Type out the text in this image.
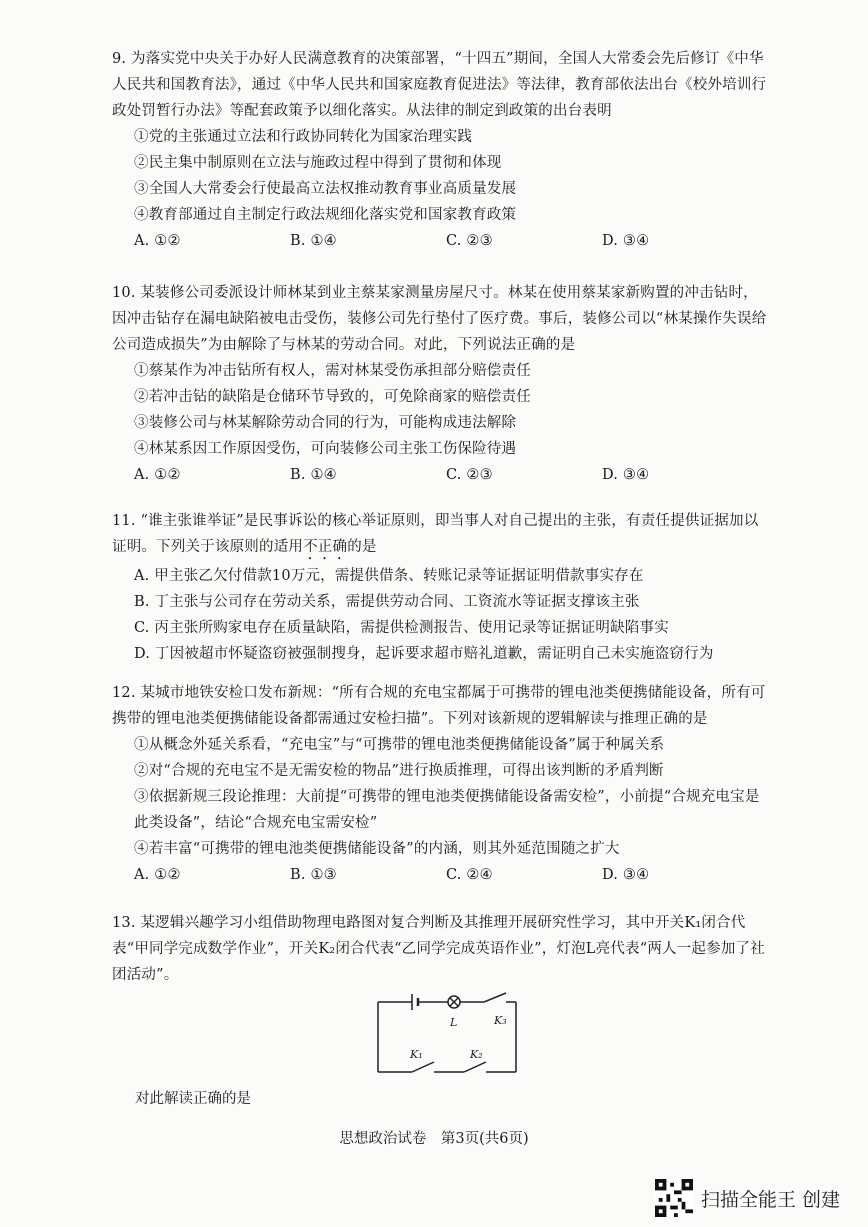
9. 为落实党中央关于办好人民满意教育的决策部署，“十四五”期间，全国人大常委会先后修订《中华人民共和国教育法》，通过《中华人民共和国家庭教育促进法》等法律，教育部依法出台《校外培训行政处罚暂行办法》等配套政策予以细化落实。从法律的制定到政策的出台表明

①党的主张通过立法和行政协同转化为国家治理实践

②民主集中制原则在立法与施政过程中得到了贯彻和体现

③全国人大常委会行使最高立法权推动教育事业高质量发展

④教育部通过自主制定行政法规细化落实党和国家教育政策

A. ①②	B. ①④	C. ②③	D. ③④

10. 某装修公司委派设计师林某到业主蔡某家测量房屋尺寸。林某在使用蔡某家新购置的冲击钻时，因冲击钻存在漏电缺陷被电击受伤，装修公司先行垫付了医疗费。事后，装修公司以“林某操作失误给公司造成损失”为由解除了与林某的劳动合同。对此，下列说法正确的是

①蔡某作为冲击钻所有权人，需对林某受伤承担部分赔偿责任

②若冲击钻的缺陷是仓储环节导致的，可免除商家的赔偿责任

③装修公司与林某解除劳动合同的行为，可能构成违法解除

④林某系因工作原因受伤，可向装修公司主张工伤保险待遇

A. ①②	B. ①④	C. ②③	D. ③④

11. “谁主张谁举证”是民事诉讼的核心举证原则，即当事人对自己提出的主张，有责任提供证据加以证明。下列关于该原则的适用不正确的是

A. 甲主张乙欠付借款10万元，需提供借条、转账记录等证据证明借款事实存在

B. 丁主张与公司存在劳动关系，需提供劳动合同、工资流水等证据支撑该主张

C. 丙主张所购家电存在质量缺陷，需提供检测报告、使用记录等证据证明缺陷事实

D. 丁因被超市怀疑盗窃被强制搜身，起诉要求超市赔礼道歉，需证明自己未实施盗窃行为

12. 某城市地铁安检口发布新规：“所有合规的充电宝都属于可携带的锂电池类便携储能设备，所有可携带的锂电池类便携储能设备都需通过安检扫描”。下列对该新规的逻辑解读与推理正确的是

①从概念外延关系看，“充电宝”与“可携带的锂电池类便携储能设备”属于种属关系

②对“合规的充电宝不是无需安检的物品”进行换质推理，可得出该判断的矛盾判断

③依据新规三段论推理：大前提“可携带的锂电池类便携储能设备需安检”，小前提“合规充电宝是此类设备”，结论“合规充电宝需安检”

④若丰富“可携带的锂电池类便携储能设备”的内涵，则其外延范围随之扩大

A. ①②	B. ①③	C. ②④	D. ③④

13. 某逻辑兴趣学习小组借助物理电路图对复合判断及其推理开展研究性学习，其中开关K₁闭合代表“甲同学完成数学作业”，开关K₂闭合代表“乙同学完成英语作业”，灯泡L亮代表“两人一起参加了社团活动”。

L	K₃
K₁	K₂
对此解读正确的是
思想政治试卷　第3页(共6页)
扫描全能王 创建
